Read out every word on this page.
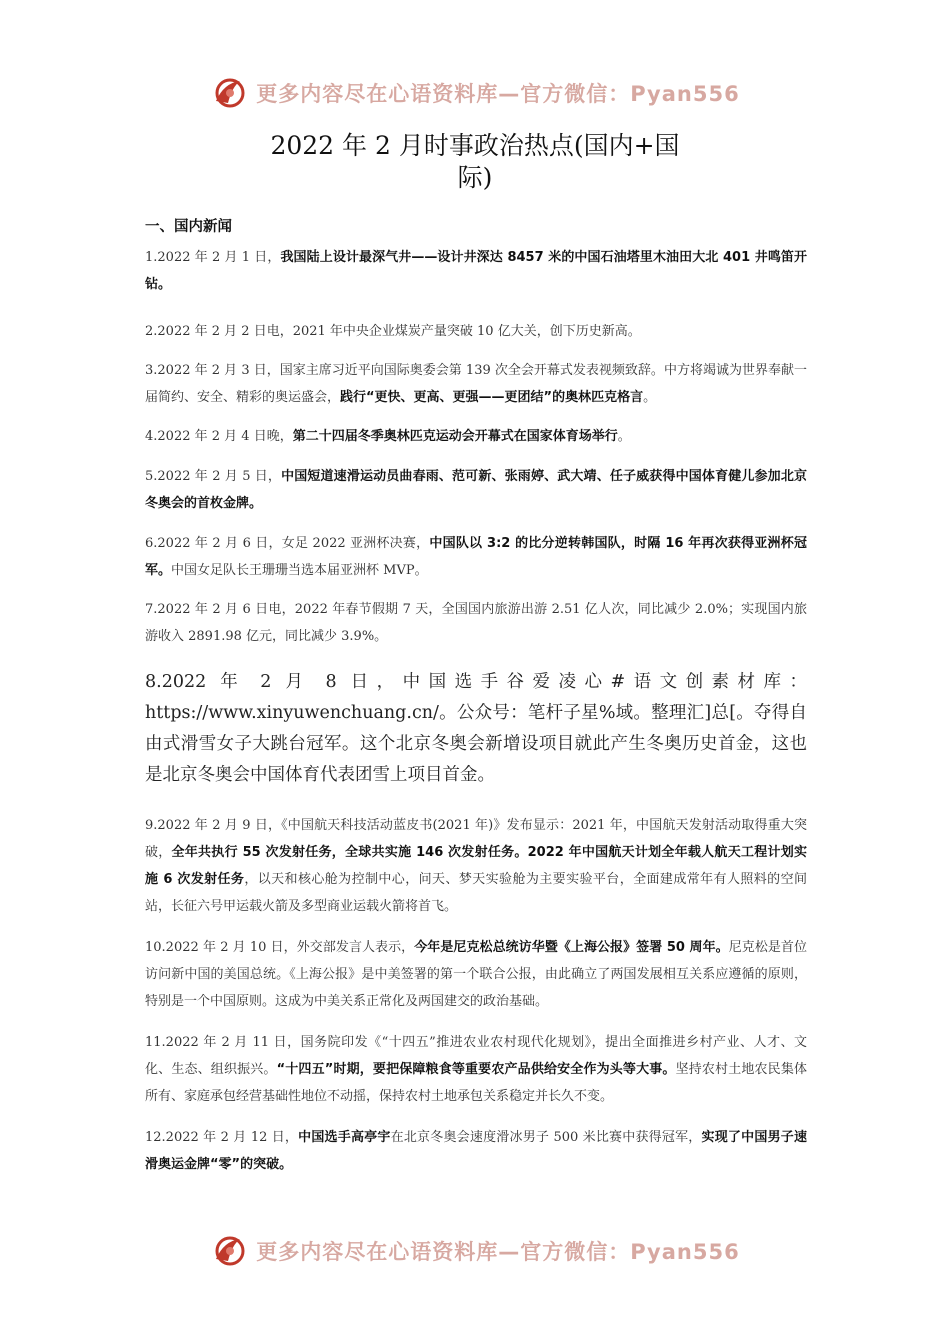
更多内容尽在心语资料库—官方微信：Pyan556
2022 年 2 月时事政治热点(国内+国
际)
一、国内新闻

1.2022 年 2 月 1 日，我国陆上设计最深气井——设计井深达 8457 米的中国石油塔里木油田大北 401 井鸣笛开钻。

2.2022 年 2 月 2 日电，2021 年中央企业煤炭产量突破 10 亿大关，创下历史新高。

3.2022 年 2 月 3 日，国家主席习近平向国际奥委会第 139 次全会开幕式发表视频致辞。中方将竭诚为世界奉献一届简约、安全、精彩的奥运盛会，践行“更快、更高、更强——更团结”的奥林匹克格言。

4.2022 年 2 月 4 日晚，第二十四届冬季奥林匹克运动会开幕式在国家体育场举行。

5.2022 年 2 月 5 日，中国短道速滑运动员曲春雨、范可新、张雨婷、武大靖、任子威获得中国体育健儿参加北京冬奥会的首枚金牌。

6.2022 年 2 月 6 日，女足 2022 亚洲杯决赛，中国队以 3:2 的比分逆转韩国队，时隔 16 年再次获得亚洲杯冠军。中国女足队长王珊珊当选本届亚洲杯 MVP。

7.2022 年 2 月 6 日电，2022 年春节假期 7 天，全国国内旅游出游 2.51 亿人次，同比减少 2.0%；实现国内旅游收入 2891.98 亿元，同比减少 3.9%。

8.2022 年 2 月 8 日，中国选手谷爱凌心#语文创素材库：https://www.xinyuwenchuang.cn/。公众号：笔杆子星%域。整理汇]总[。夺得自由式滑雪女子大跳台冠军。这个北京冬奥会新增设项目就此产生冬奥历史首金，这也是北京冬奥会中国体育代表团雪上项目首金。

9.2022 年 2 月 9 日，《中国航天科技活动蓝皮书(2021 年)》发布显示：2021 年，中国航天发射活动取得重大突破，全年共执行 55 次发射任务，全球共实施 146 次发射任务。2022 年中国航天计划全年载人航天工程计划实施 6 次发射任务，以天和核心舱为控制中心，问天、梦天实验舱为主要实验平台，全面建成常年有人照料的空间站，长征六号甲运载火箭及多型商业运载火箭将首飞。

10.2022 年 2 月 10 日，外交部发言人表示，今年是尼克松总统访华暨《上海公报》签署 50 周年。尼克松是首位访问新中国的美国总统。《上海公报》是中美签署的第一个联合公报，由此确立了两国发展相互关系应遵循的原则，特别是一个中国原则。这成为中美关系正常化及两国建交的政治基础。

11.2022 年 2 月 11 日，国务院印发《“十四五”推进农业农村现代化规划》，提出全面推进乡村产业、人才、文化、生态、组织振兴。“十四五”时期，要把保障粮食等重要农产品供给安全作为头等大事。坚持农村土地农民集体所有、家庭承包经营基础性地位不动摇，保持农村土地承包关系稳定并长久不变。

12.2022 年 2 月 12 日，中国选手高亭宇在北京冬奥会速度滑冰男子 500 米比赛中获得冠军，实现了中国男子速滑奥运金牌“零”的突破。

更多内容尽在心语资料库—官方微信：Pyan556
